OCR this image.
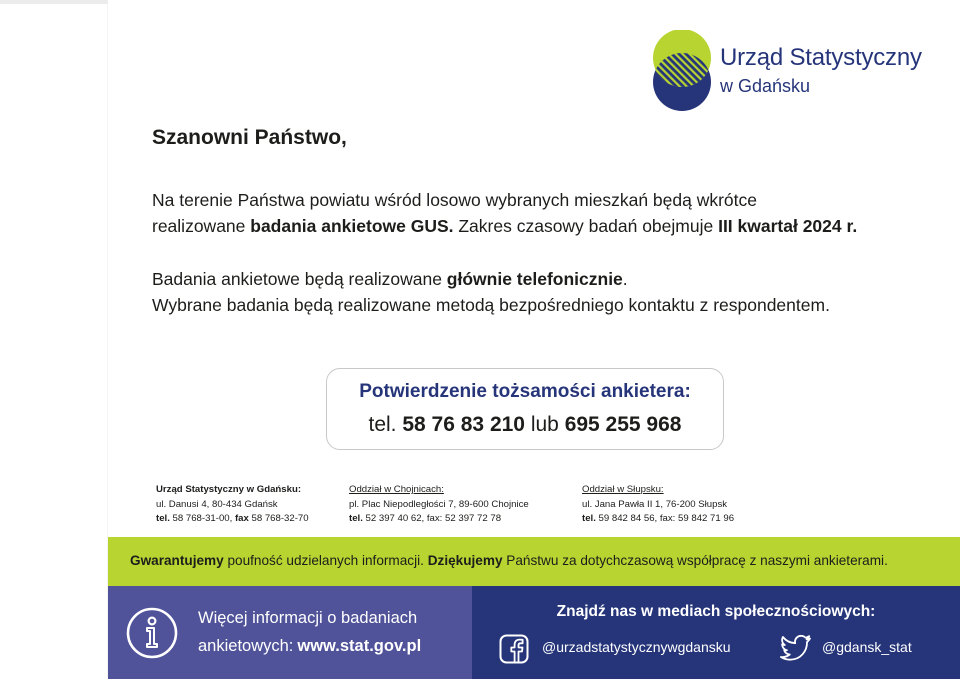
Urząd Statystyczny
w Gdańsku
Szanowni Państwo,
Na terenie Państwa powiatu wśród losowo wybranych mieszkań będą wkrótce
realizowane badania ankietowe GUS. Zakres czasowy badań obejmuje III kwartał 2024 r.
Badania ankietowe będą realizowane głównie telefonicznie.
Wybrane badania będą realizowane metodą bezpośredniego kontaktu z respondentem.
Potwierdzenie tożsamości ankietera:
tel. 58 76 83 210 lub 695 255 968
Urząd Statystyczny w Gdańsku:
ul. Danusi 4, 80-434 Gdańsk
tel. 58 768-31-00, fax 58 768-32-70
Oddział w Chojnicach:
pl. Plac Niepodległości 7, 89-600 Chojnice
tel. 52 397 40 62, fax: 52 397 72 78
Oddział w Słupsku:
ul. Jana Pawła II 1, 76-200 Słupsk
tel. 59 842 84 56, fax: 59 842 71 96
Gwarantujemy poufność udzielanych informacji. Dziękujemy Państwu za dotychczasową współpracę z naszymi ankieterami.
Więcej informacji o badaniach
ankietowych: www.stat.gov.pl
Znajdź nas w mediach społecznościowych:
@urzadstatystycznywgdansku	@gdansk_stat
